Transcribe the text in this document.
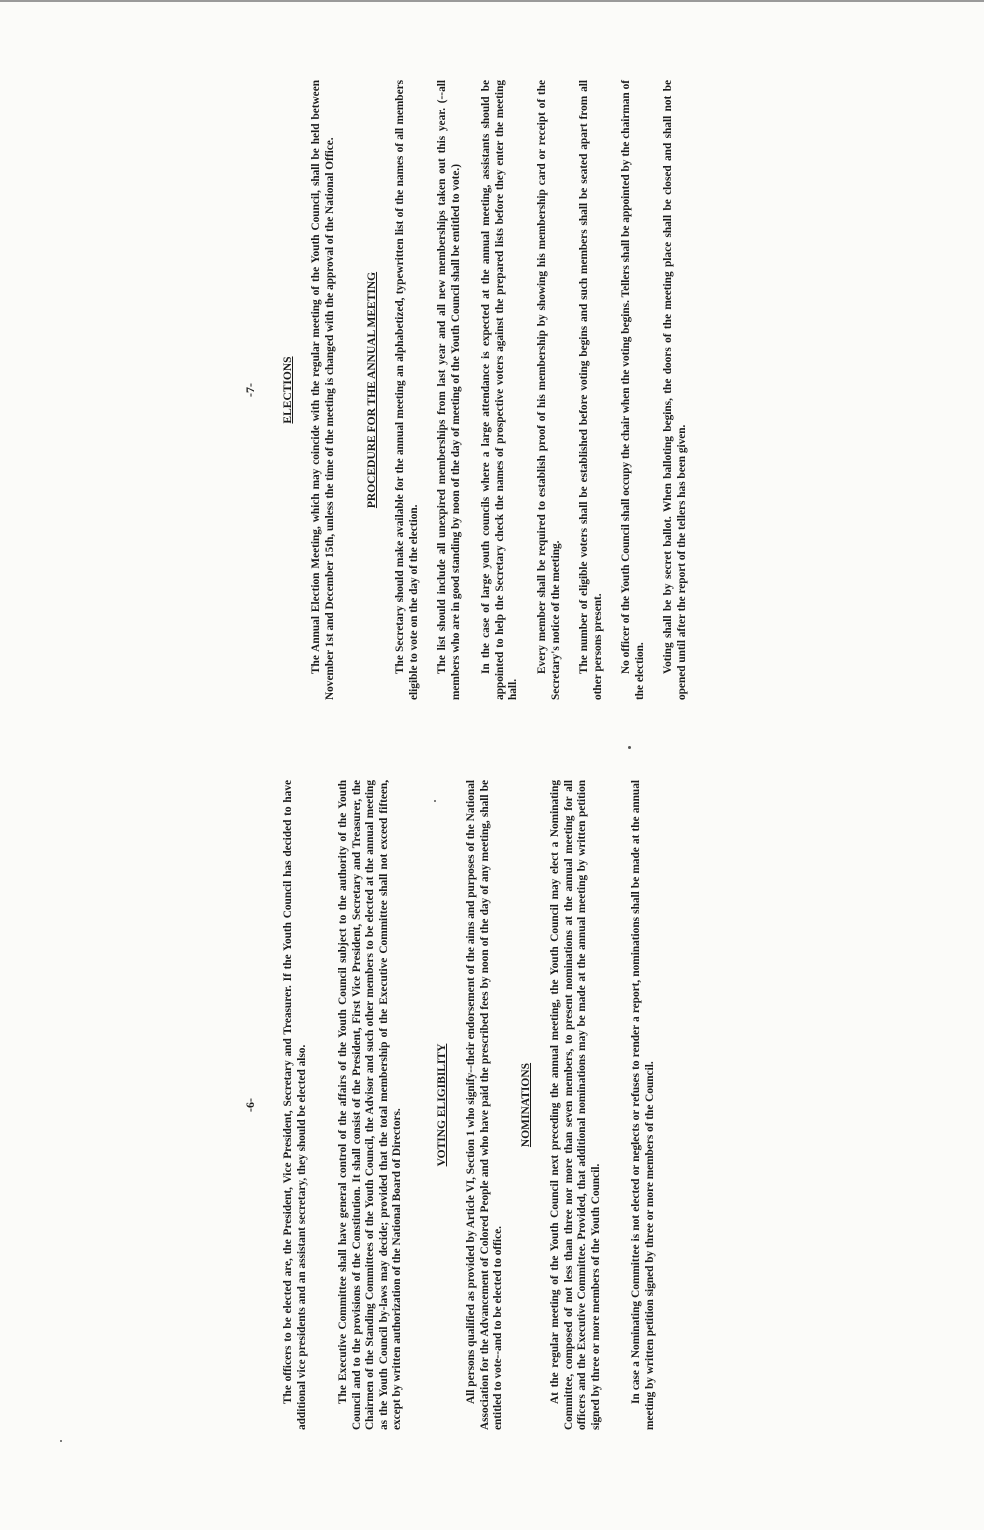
-6- The officers to be elected are, the President, Vice President, Secretary and Treasurer. If the Youth Council has decided to have additional vice presidents and an assistant secretary, they should be elected also.	The Executive Committee shall have general control of the affairs of the Youth Council subject to the authority of the Youth Council and to the provisions of the Constitution. It shall consist of the President, First Vice President, Secretary and Treasurer, the Chairmen of the Standing Committees of the Youth Council, the Advisor and such other members to be elected at the annual meeting as the Youth Council by-laws may decide; provided that the total membership of the Executive Committee shall not exceed fifteen, except by written authorization of the National Board of Directors.

VOTING ELIGIBILITY All persons qualified as provided by Article VI, Section 1 who signify--their endorsement of the aims and purposes of the National Association for the Advancement of Colored People and who have paid the prescribed fees by noon of the day of any meeting, shall be entitled to vote--and to be elected to office.

NOMINATIONS At the regular meeting of the Youth Council next preceding the annual meeting, the Youth Council may elect a Nominating Committee, composed of not less than three nor more than seven members, to present nominations at the annual meeting for all officers and the Executive Committee. Provided, that additional nominations may be made at the annual meeting by written petition signed by three or more members of the Youth Council. In case a Nominating Committee is not elected or neglects or refuses to render a report, nominations shall be made at the annual meeting by written petition signed by three or more members of the Council.

-7- ELECTIONS The Annual Election Meeting, which may coincide with the regular meeting of the Youth Council, shall be held between November 1st and December 15th, unless the time of the meeting is changed with the approval of the National Office.	PROCEDURE FOR THE ANNUAL MEETING The Secretary should make available for the annual meeting an alphabetized, typewritten list of the names of all members eligible to vote on the day of the election. The list should include all unexpired memberships from last year and all new memberships taken out this year. (--all members who are in good standing by noon of the day of meeting of the Youth Council shall be entitled to vote.) In the case of large youth councils where a large attendance is expected at the annual meeting, assistants should be appointed to help the Secretary check the names of prospective voters against the prepared lists before they enter the meeting hall.

Every member shall be required to establish proof of his membership by showing his membership card or receipt of the Secretary's notice of the meeting. The number of eligible voters shall be established before voting begins and such members shall be seated apart from all other persons present. No officer of the Youth Council shall occupy the chair when the voting begins. Tellers shall be appointed by the chairman of the election. Voting shall be by secret ballot. When balloting begins, the doors of the meeting place shall be closed and shall not be opened until after the report of the tellers has been given.
